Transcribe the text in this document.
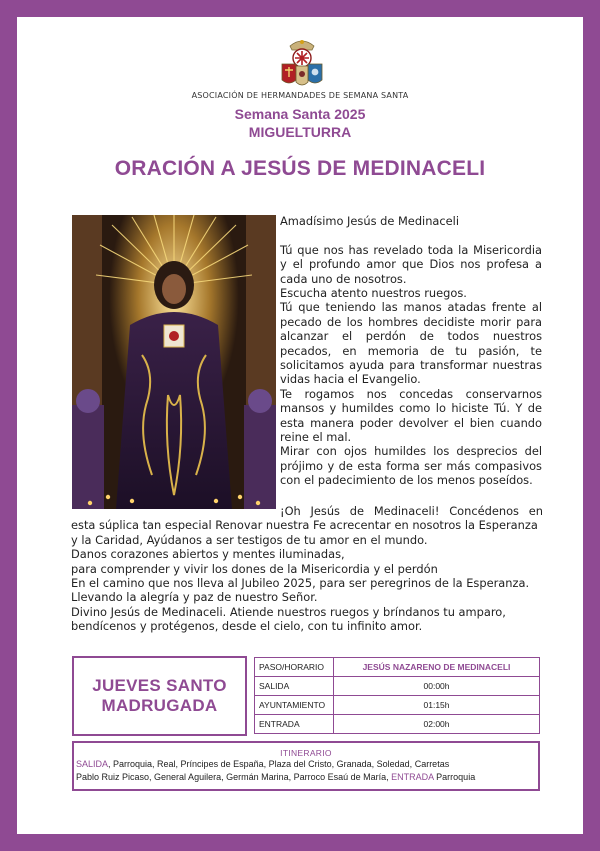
ASOCIACIÓN DE HERMANDADES DE SEMANA SANTA
Semana Santa 2025
MIGUELTURRA
ORACIÓN A JESÚS DE MEDINACELI

Amadísimo Jesús de Medinaceli

Tú que nos has revelado toda la Misericordia

y el profundo amor que Dios nos profesa a

cada uno de nosotros.

Escucha atento nuestros ruegos.

Tú que teniendo las manos atadas frente al

pecado de los hombres decidiste morir para

alcanzar el perdón de todos nuestros

pecados, en memoria de tu pasión, te

solicitamos ayuda para transformar nuestras

vidas hacia el Evangelio.

Te rogamos nos concedas conservarnos

mansos y humildes como lo hiciste Tú. Y de

esta manera poder devolver el bien cuando

reine el mal.

Mirar con ojos humildes los desprecios del

prójimo y de esta forma ser más compasivos

con el padecimiento de los menos poseídos.

¡Oh Jesús de Medinaceli! Concédenos en

esta súplica tan especial Renovar nuestra Fe acrecentar en nosotros la Esperanza

y la Caridad, Ayúdanos a ser testigos de tu amor en el mundo.

Danos corazones abiertos y mentes iluminadas,

para comprender y vivir los dones de la Misericordia y el perdón

En el camino que nos lleva al Jubileo 2025, para ser peregrinos de la Esperanza.

Llevando la alegría y paz de nuestro Señor.

Divino Jesús de Medinaceli. Atiende nuestros ruegos y bríndanos tu amparo,

bendícenos y protégenos, desde el cielo, con tu infinito amor.

JUEVES SANTO
MADRUGADA
PASO/HORARIO	JESÚS NAZARENO DE MEDINACELI
SALIDA	00:00h
AYUNTAMIENTO	01:15h
ENTRADA	02:00h
ITINERARIO
SALIDA, Parroquia, Real, Príncipes de España, Plaza del Cristo, Granada, Soledad, Carretas
Pablo Ruiz Picaso, General Aguilera, Germán Marina, Parroco Esaú de María, ENTRADA Parroquia
